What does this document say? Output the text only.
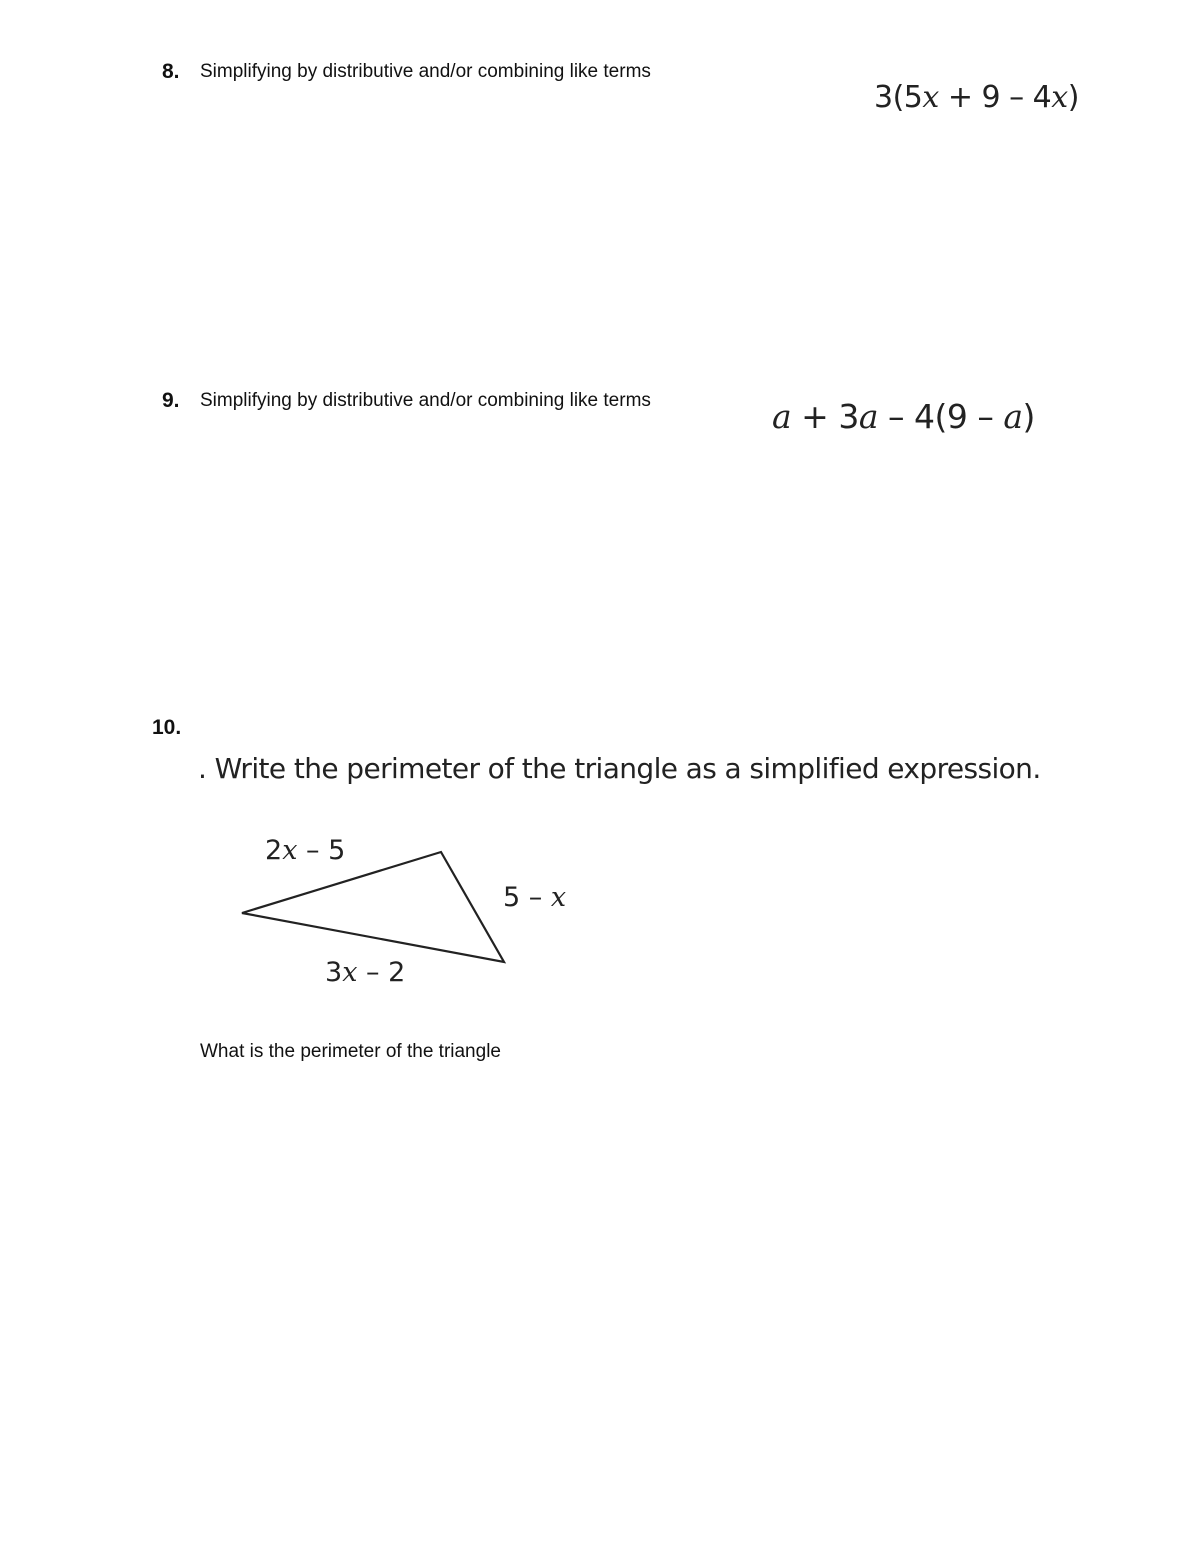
8. Simplifying by distributive and/or combining like terms
3(5x + 9 – 4x)
9. Simplifying by distributive and/or combining like terms	a + 3a – 4(9 – a)
10.
. Write the perimeter of the triangle as a simplified expression.
2x – 5
5 – x
3x – 2
What is the perimeter of the triangle
